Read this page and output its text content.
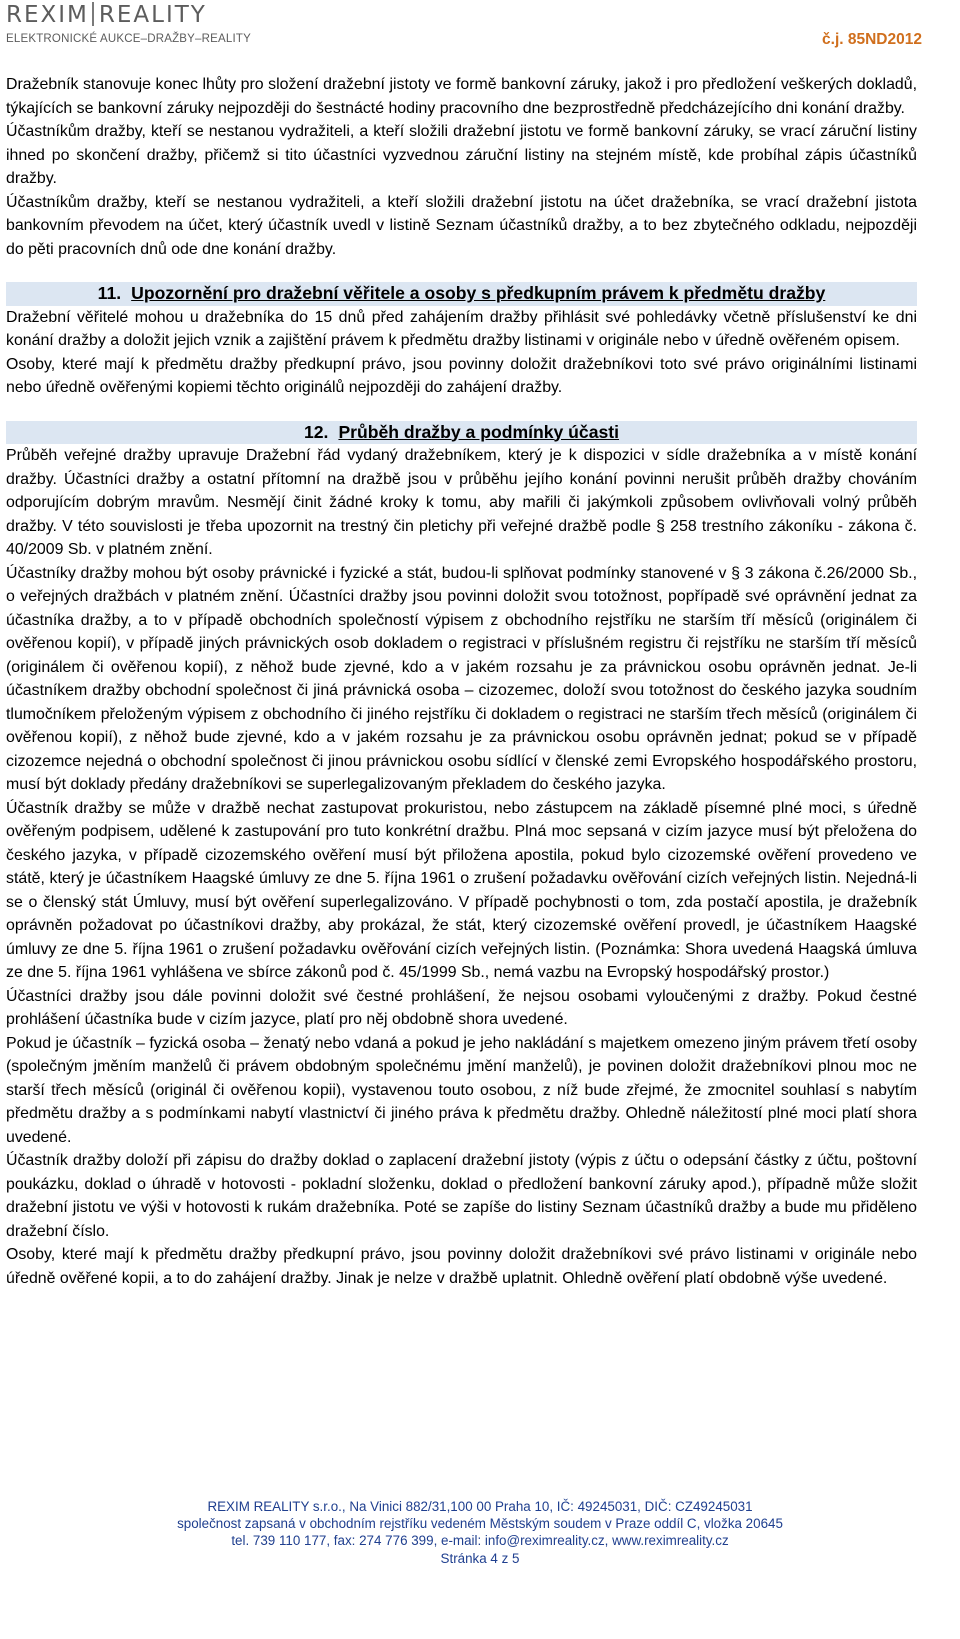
REXIM REALITY
ELEKTRONICKÉ AUKCE–DRAŽBY–REALITY	č.j. 85ND2012

Dražebník stanovuje konec lhůty pro složení dražební jistoty ve formě bankovní záruky, jakož i pro předložení veškerých dokladů, týkajících se bankovní záruky nejpozději do šestnácté hodiny pracovního dne bezprostředně předcházejícího dni konání dražby.

Účastníkům dražby, kteří se nestanou vydražiteli, a kteří složili dražební jistotu ve formě bankovní záruky, se vrací záruční listiny ihned po skončení dražby, přičemž si tito účastníci vyzvednou záruční listiny na stejném místě, kde probíhal zápis účastníků dražby.

Účastníkům dražby, kteří se nestanou vydražiteli, a kteří složili dražební jistotu na účet dražebníka, se vrací dražební jistota bankovním převodem na účet, který účastník uvedl v listině Seznam účastníků dražby, a to bez zbytečného odkladu, nejpozději do pěti pracovních dnů ode dne konání dražby.

11. Upozornění pro dražební věřitele a osoby s předkupním právem k předmětu dražby

Dražební věřitelé mohou u dražebníka do 15 dnů před zahájením dražby přihlásit své pohledávky včetně příslušenství ke dni konání dražby a doložit jejich vznik a zajištění právem k předmětu dražby listinami v originále nebo v úředně ověřeném opisem.

Osoby, které mají k předmětu dražby předkupní právo, jsou povinny doložit dražebníkovi toto své právo originálními listinami nebo úředně ověřenými kopiemi těchto originálů nejpozději do zahájení dražby.

12. Průběh dražby a podmínky účasti

Průběh veřejné dražby upravuje Dražební řád vydaný dražebníkem, který je k dispozici v sídle dražebníka a v místě konání dražby. Účastníci dražby a ostatní přítomní na dražbě jsou v průběhu jejího konání povinni nerušit průběh dražby chováním odporujícím dobrým mravům. Nesmějí činit žádné kroky k tomu, aby mařili či jakýmkoli způsobem ovlivňovali volný průběh dražby. V této souvislosti je třeba upozornit na trestný čin pletichy při veřejné dražbě podle § 258 trestního zákoníku - zákona č. 40/2009 Sb. v platném znění.

Účastníky dražby mohou být osoby právnické i fyzické a stát, budou-li splňovat podmínky stanovené v § 3 zákona č.26/2000 Sb., o veřejných dražbách v platném znění. Účastníci dražby jsou povinni doložit svou totožnost, popřípadě své oprávnění jednat za účastníka dražby, a to v případě obchodních společností výpisem z obchodního rejstříku ne starším tří měsíců (originálem či ověřenou kopií), v případě jiných právnických osob dokladem o registraci v příslušném registru či rejstříku ne starším tří měsíců (originálem či ověřenou kopií), z něhož bude zjevné, kdo a v jakém rozsahu je za právnickou osobu oprávněn jednat. Je-li účastníkem dražby obchodní společnost či jiná právnická osoba – cizozemec, doloží svou totožnost do českého jazyka soudním tlumočníkem přeloženým výpisem z obchodního či jiného rejstříku či dokladem o registraci ne starším třech měsíců (originálem či ověřenou kopií), z něhož bude zjevné, kdo a v jakém rozsahu je za právnickou osobu oprávněn jednat; pokud se v případě cizozemce nejedná o obchodní společnost či jinou právnickou osobu sídlící v členské zemi Evropského hospodářského prostoru, musí být doklady předány dražebníkovi se superlegalizovaným překladem do českého jazyka.

Účastník dražby se může v dražbě nechat zastupovat prokuristou, nebo zástupcem na základě písemné plné moci, s úředně ověřeným podpisem, udělené k zastupování pro tuto konkrétní dražbu. Plná moc sepsaná v cizím jazyce musí být přeložena do českého jazyka, v případě cizozemského ověření musí být přiložena apostila, pokud bylo cizozemské ověření provedeno ve státě, který je účastníkem Haagské úmluvy ze dne 5. října 1961 o zrušení požadavku ověřování cizích veřejných listin. Nejedná-li se o členský stát Úmluvy, musí být ověření superlegalizováno. V případě pochybnosti o tom, zda postačí apostila, je dražebník oprávněn požadovat po účastníkovi dražby, aby prokázal, že stát, který cizozemské ověření provedl, je účastníkem Haagské úmluvy ze dne 5. října 1961 o zrušení požadavku ověřování cizích veřejných listin. (Poznámka: Shora uvedená Haagská úmluva ze dne 5. října 1961 vyhlášena ve sbírce zákonů pod č. 45/1999 Sb., nemá vazbu na Evropský hospodářský prostor.)

Účastníci dražby jsou dále povinni doložit své čestné prohlášení, že nejsou osobami vyloučenými z dražby. Pokud čestné prohlášení účastníka bude v cizím jazyce, platí pro něj obdobně shora uvedené.

Pokud je účastník – fyzická osoba – ženatý nebo vdaná a pokud je jeho nakládání s majetkem omezeno jiným právem třetí osoby (společným jměním manželů či právem obdobným společnému jmění manželů), je povinen doložit dražebníkovi plnou moc ne starší třech měsíců (originál či ověřenou kopii), vystavenou touto osobou, z níž bude zřejmé, že zmocnitel souhlasí s nabytím předmětu dražby a s podmínkami nabytí vlastnictví či jiného práva k předmětu dražby. Ohledně náležitostí plné moci platí shora uvedené.

Účastník dražby doloží při zápisu do dražby doklad o zaplacení dražební jistoty (výpis z účtu o odepsání částky z účtu, poštovní poukázku, doklad o úhradě v hotovosti - pokladní složenku, doklad o předložení bankovní záruky apod.), případně může složit dražební jistotu ve výši v hotovosti k rukám dražebníka. Poté se zapíše do listiny Seznam účastníků dražby a bude mu přiděleno dražební číslo.

Osoby, které mají k předmětu dražby předkupní právo, jsou povinny doložit dražebníkovi své právo listinami v originále nebo úředně ověřené kopii, a to do zahájení dražby. Jinak je nelze v dražbě uplatnit. Ohledně ověření platí obdobně výše uvedené.

REXIM REALITY s.r.o., Na Vinici 882/31,100 00 Praha 10, IČ: 49245031, DIČ: CZ49245031

společnost zapsaná v obchodním rejstříku vedeném Městským soudem v Praze oddíl C, vložka 20645

tel. 739 110 177, fax: 274 776 399, e-mail: info@reximreality.cz, www.reximreality.cz

Stránka 4 z 5
